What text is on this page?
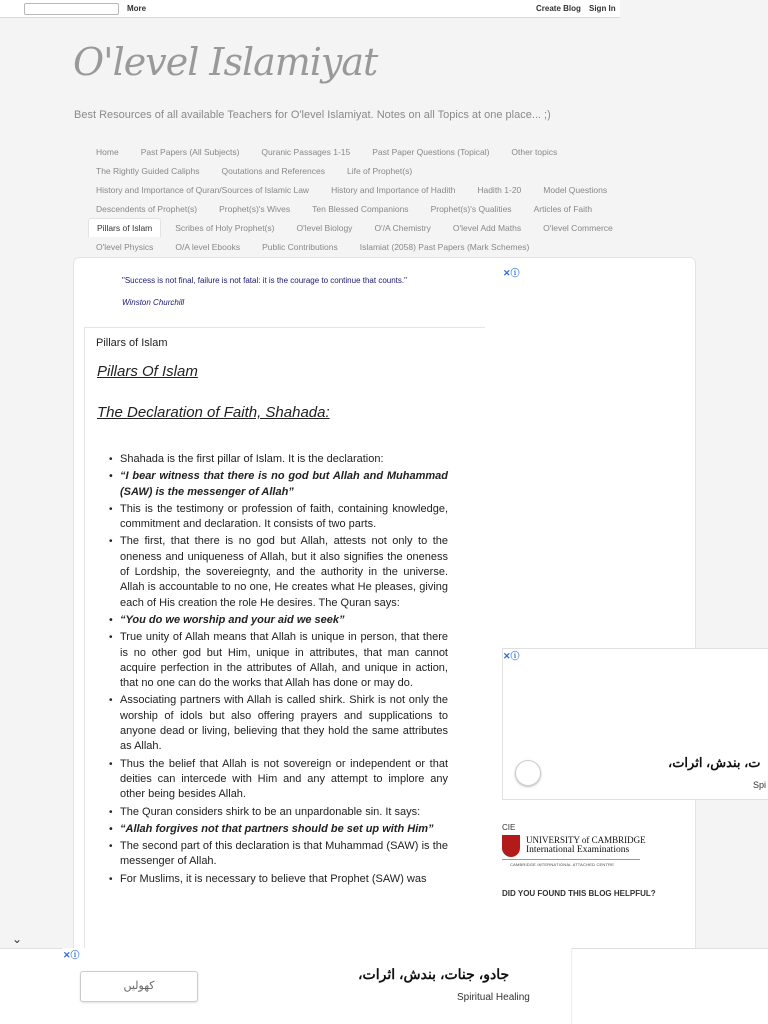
More	Create Blog Sign In
O'level Islamiyat
Best Resources of all available Teachers for O'level Islamiyat. Notes on all Topics at one place... ;)
Home	Past Papers (All Subjects)	Quranic Passages 1-15	Past Paper Questions (Topical)	Other topics
The Rightly Guided Caliphs	Qoutations and References	Life of Prophet(s)
History and Importance of Quran/Sources of Islamic Law	History and Importance of Hadith	Hadith 1-20	Model Questions
Descendents of Prophet(s)	Prophet(s)'s Wives	Ten Blessed Companions	Prophet(s)'s Qualities	Articles of Faith
Pillars of Islam	Scribes of Holy Prophet(s)	O'level Biology	O'/A Chemistry	O'level Add Maths	O'level Commerce
O'level Physics	O/A level Ebooks	Public Contributions	Islamiat (2058) Past Papers (Mark Schemes)
"Success is not final, failure is not fatal: it is the courage to continue that counts."
Winston Churchill
✕ⓘ
Pillars of Islam
Pillars Of Islam
The Declaration of Faith, Shahada:
• Shahada is the first pillar of Islam. It is the declaration:
• “I bear witness that there is no god but Allah and Muhammad (SAW) is the messenger of Allah”
• This is the testimony or profession of faith, containing knowledge, commitment and declaration. It consists of two parts.
• The first, that there is no god but Allah, attests not only to the oneness and uniqueness of Allah, but it also signifies the oneness of Lordship, the sovereiegnty, and the authority in the universe. Allah is accountable to no one, He creates what He pleases, giving each of His creation the role He desires. The Quran says:
• “You do we worship and your aid we seek”
• True unity of Allah means that Allah is unique in person, that there is no other god but Him, unique in attributes, that man cannot acquire perfection in the attributes of Allah, and unique in action, that no one can do the works that Allah has done or may do.
• Associating partners with Allah is called shirk. Shirk is not only the worship of idols but also offering prayers and supplications to anyone dead or living, believing that they hold the same attributes as Allah.
• Thus the belief that Allah is not sovereign or independent or that deities can intercede with Him and any attempt to implore any other being besides Allah.
• The Quran considers shirk to be an unpardonable sin. It says:
• “Allah forgives not that partners should be set up with Him”
• The second part of this declaration is that Muhammad (SAW) is the messenger of Allah.
• For Muslims, it is necessary to believe that Prophet (SAW) was
✕ⓘ
ت، بندش، اثرات،
Spi
CIE
UNIVERSITY of CAMBRIDGE
International Examinations
CAMBRIDGE INTERNATIONAL ATTACHED CENTRE
DID YOU FOUND THIS BLOG HELPFUL?
⌄
✕ⓘ
کھولیں
جادو، جنات، بندش، اثرات،
Spiritual Healing
